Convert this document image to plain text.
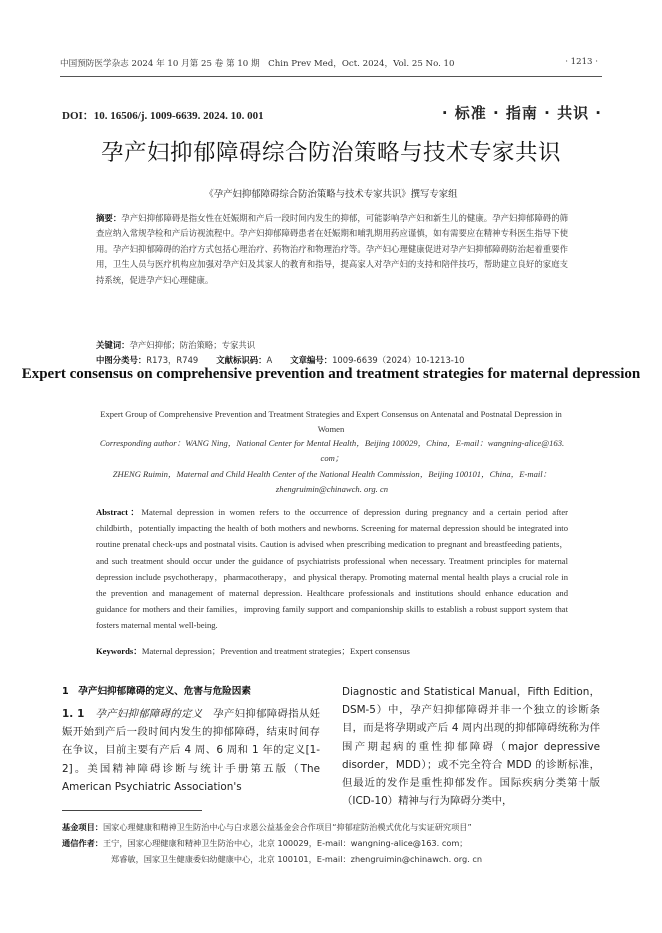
中国预防医学杂志 2024 年 10 月第 25 卷 第 10 期　Chin Prev Med，Oct. 2024，Vol. 25 No. 10	· 1213 ·
DOI：10. 16506/j. 1009-6639. 2024. 10. 001	· 标准 · 指南 · 共识 ·
孕产妇抑郁障碍综合防治策略与技术专家共识
《孕产妇抑郁障碍综合防治策略与技术专家共识》撰写专家组
摘要：孕产妇抑郁障碍是指女性在妊娠期和产后一段时间内发生的抑郁，可能影响孕产妇和新生儿的健康。孕产妇抑郁障碍的筛查应纳入常规孕检和产后访视流程中。孕产妇抑郁障碍患者在妊娠期和哺乳期用药应谨慎，如有需要应在精神专科医生指导下使用。孕产妇抑郁障碍的治疗方式包括心理治疗、药物治疗和物理治疗等。孕产妇心理健康促进对孕产妇抑郁障碍防治起着重要作用，卫生人员与医疗机构应加强对孕产妇及其家人的教育和指导，提高家人对孕产妇的支持和陪伴技巧，帮助建立良好的家庭支持系统，促进孕产妇心理健康。
关键词：孕产妇抑郁；防治策略；专家共识
中图分类号：R173，R749 文献标识码：A 文章编号：1009-6639（2024）10-1213-10
Expert consensus on comprehensive prevention and treatment strategies for maternal depression
Expert Group of Comprehensive Prevention and Treatment Strategies and Expert Consensus on Antenatal and Postnatal Depression in Women
Corresponding author：WANG Ning，National Center for Mental Health，Beijing 100029，China，E-mail：wangning-alice@163. com；
ZHENG Ruimin，Maternal and Child Health Center of the National Health Commission，Beijing 100101，China，E-mail：zhengruimin@chinawch. org. cn
Abstract：Maternal depression in women refers to the occurrence of depression during pregnancy and a certain period after childbirth，potentially impacting the health of both mothers and newborns. Screening for maternal depression should be integrated into routine prenatal check-ups and postnatal visits. Caution is advised when prescribing medication to pregnant and breastfeeding patients，and such treatment should occur under the guidance of psychiatrists professional when necessary. Treatment principles for maternal depression include psychotherapy，pharmacotherapy，and physical therapy. Promoting maternal mental health plays a crucial role in the prevention and management of maternal depression. Healthcare professionals and institutions should enhance education and guidance for mothers and their families，improving family support and companionship skills to establish a robust support system that fosters maternal mental well-being.
Keywords：Maternal depression；Prevention and treatment strategies；Expert consensus
1　孕产妇抑郁障碍的定义、危害与危险因素
1. 1　 孕产妇抑郁障碍的定义　 孕产妇抑郁障碍指从妊娠开始到产后一段时间内发生的抑郁障碍，结束时间存在争议，目前主要有产后 4 周、6 周和 1 年的定义[1-2]。美国精神障碍诊断与统计手册第五版（The American Psychiatric Association's
Diagnostic and Statistical Manual，Fifth Edition，DSM-5）中，孕产妇抑郁障碍并非一个独立的诊断条目，而是将孕期或产后 4 周内出现的抑郁障碍统称为伴围产期起病的重性抑郁障碍（major depressive disorder，MDD）；或不完全符合 MDD 的诊断标准，但最近的发作是重性抑郁发作。国际疾病分类第十版（ICD-10）精神与行为障碍分类中，
基金项目：国家心理健康和精神卫生防治中心与白求恩公益基金会合作项目“抑郁症防治模式优化与实证研究项目”
通信作者：王宁，国家心理健康和精神卫生防治中心，北京 100029，E-mail：wangning-alice@163. com；
郑睿敏，国家卫生健康委妇幼健康中心，北京 100101，E-mail：zhengruimin@chinawch. org. cn
